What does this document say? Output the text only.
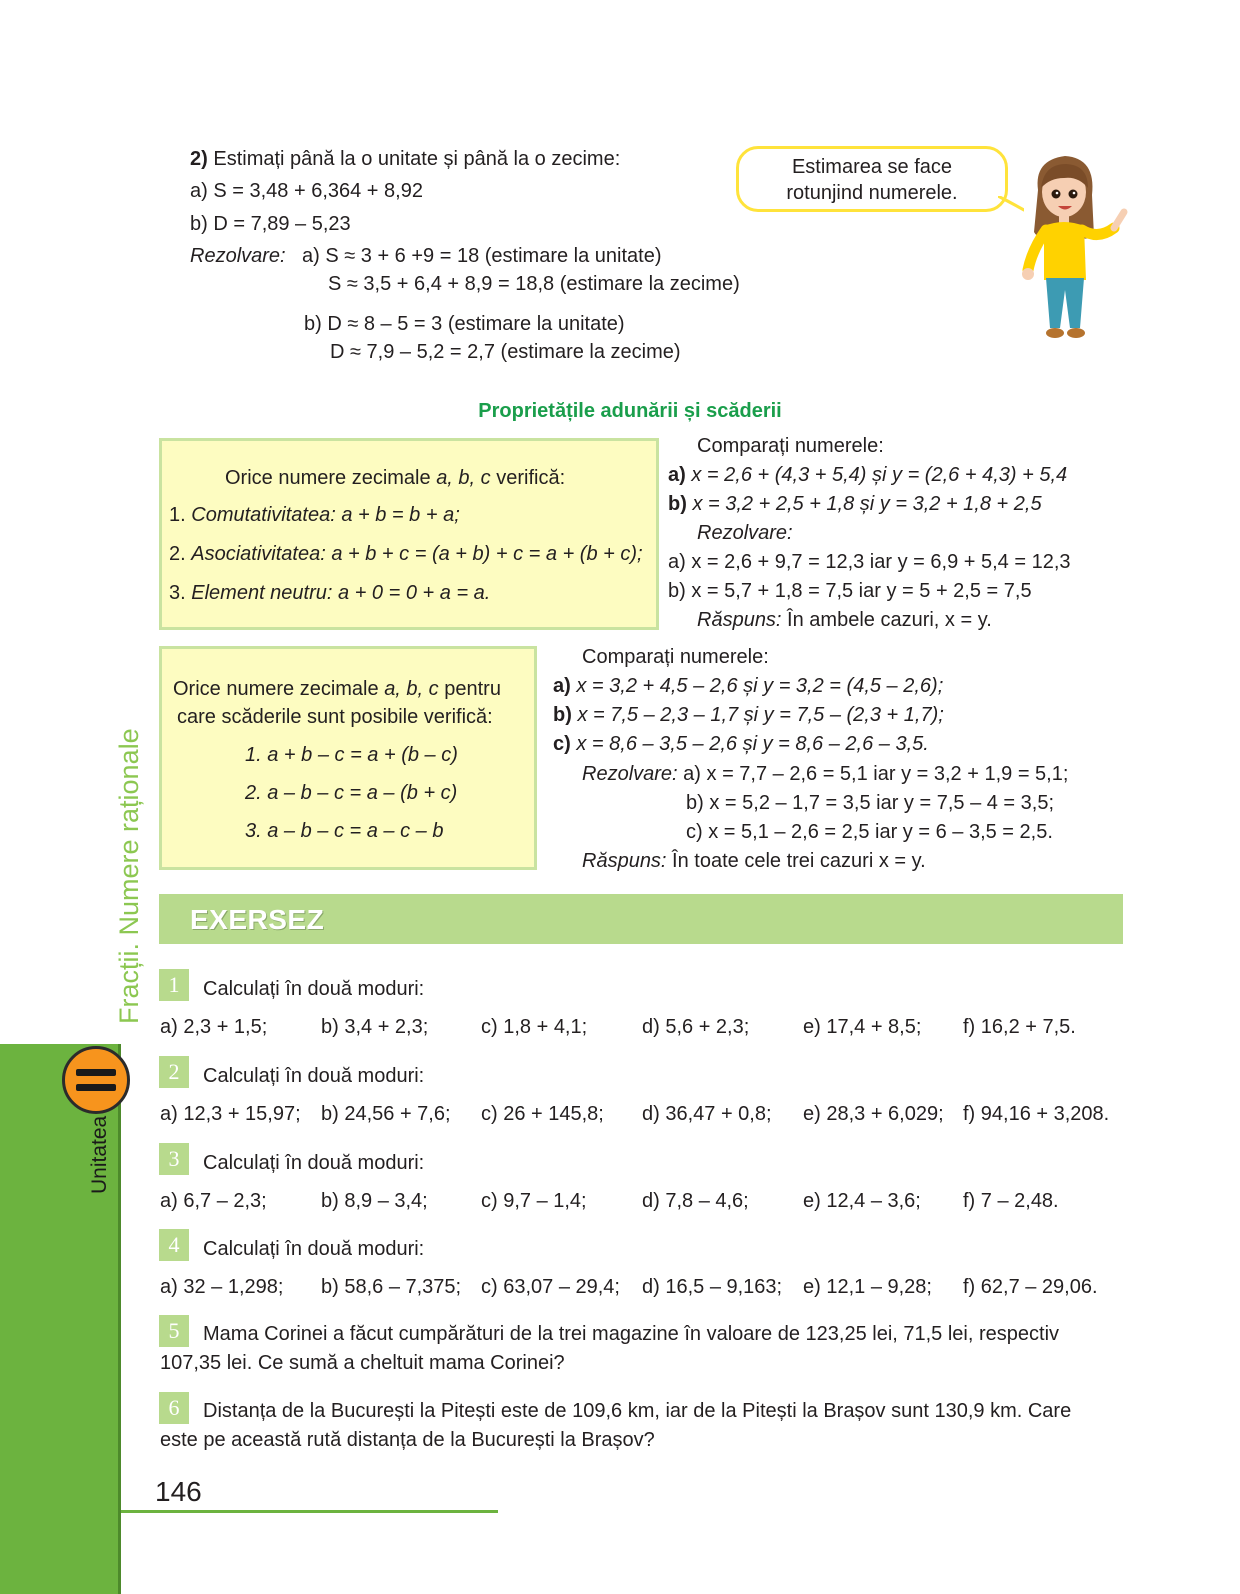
2) Estimați până la o unitate și până la o zecime:
a) S = 3,48 + 6,364 + 8,92
b) D = 7,89 – 5,23
Rezolvare: a) S ≈ 3 + 6 +9 = 18 (estimare la unitate)
S ≈ 3,5 + 6,4 + 8,9 = 18,8 (estimare la zecime)
b) D ≈ 8 – 5 = 3 (estimare la unitate)
D ≈ 7,9 – 5,2 = 2,7 (estimare la zecime)
Estimarea se face
rotunjind numerele.
Proprietățile adunării și scăderii
Orice numere zecimale a, b, c verifică:
1. Comutativitatea: a + b = b + a;
2. Asociativitatea: a + b + c = (a + b) + c = a + (b + c);
3. Element neutru: a + 0 = 0 + a = a.
Comparați numerele:
a) x = 2,6 + (4,3 + 5,4) și y = (2,6 + 4,3) + 5,4
b) x = 3,2 + 2,5 + 1,8 și y = 3,2 + 1,8 + 2,5
Rezolvare:
a) x = 2,6 + 9,7 = 12,3 iar y = 6,9 + 5,4 = 12,3
b) x = 5,7 + 1,8 = 7,5 iar y = 5 + 2,5 = 7,5
Răspuns: În ambele cazuri, x = y.
Orice numere zecimale a, b, c pentru
care scăderile sunt posibile verifică:
1. a + b – c = a + (b – c)
2. a – b – c = a – (b + c)
3. a – b – c = a – c – b
Comparați numerele:
a) x = 3,2 + 4,5 – 2,6 și y = 3,2 = (4,5 – 2,6);
b) x = 7,5 – 2,3 – 1,7 și y = 7,5 – (2,3 + 1,7);
c) x = 8,6 – 3,5 – 2,6 și y = 8,6 – 2,6 – 3,5.
Rezolvare: a) x = 7,7 – 2,6 = 5,1 iar y = 3,2 + 1,9 = 5,1;
b) x = 5,2 – 1,7 = 3,5 iar y = 7,5 – 4 = 3,5;
c) x = 5,1 – 2,6 = 2,5 iar y = 6 – 3,5 = 2,5.
Răspuns: În toate cele trei cazuri x = y.
EXERSEZ
1	Calculați în două moduri:
a) 2,3 + 1,5;	b) 3,4 + 2,3;	c) 1,8 + 4,1;	d) 5,6 + 2,3;	e) 17,4 + 8,5; f) 16,2 + 7,5.
2	Calculați în două moduri:
a) 12,3 + 15,97; b) 24,56 + 7,6; c) 26 + 145,8; d) 36,47 + 0,8; e) 28,3 + 6,029; f) 94,16 + 3,208.
3	Calculați în două moduri:
a) 6,7 – 2,3;	b) 8,9 – 3,4;	c) 9,7 – 1,4;	d) 7,8 – 4,6;	e) 12,4 – 3,6; f) 7 – 2,48.
4	Calculați în două moduri:
a) 32 – 1,298; b) 58,6 – 7,375; c) 63,07 – 29,4; d) 16,5 – 9,163; e) 12,1 – 9,28; f) 62,7 – 29,06.
5	Mama Corinei a făcut cumpărături de la trei magazine în valoare de 123,25 lei, 71,5 lei, respectiv
107,35 lei. Ce sumă a cheltuit mama Corinei?
6	Distanța de la București la Pitești este de 109,6 km, iar de la Pitești la Brașov sunt 130,9 km. Care
este pe această rută distanța de la București la Brașov?
Fracții. Numere raționale
Unitatea
146
